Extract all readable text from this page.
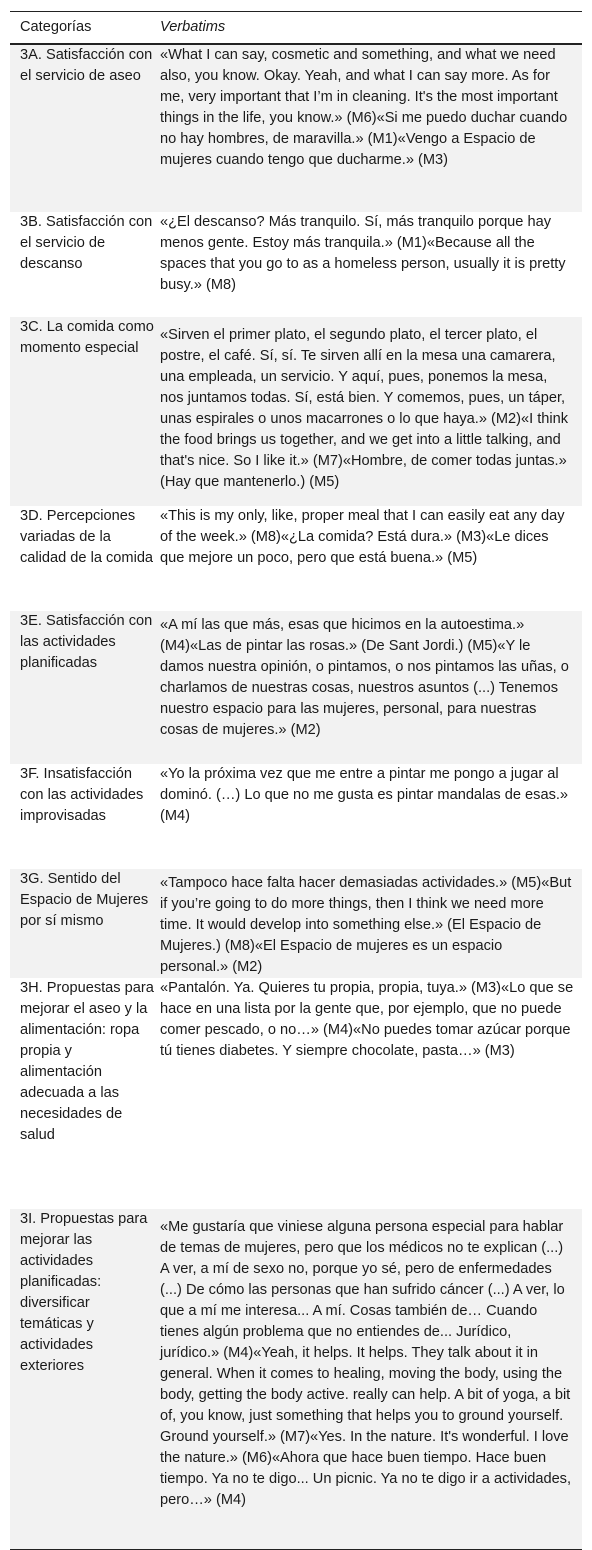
Categorías	Verbatims
3A. Satisfacción con el servicio de aseo	«What I can say, cosmetic and something, and what we need also, you know. Okay. Yeah, and what I can say more. As for me, very important that I’m in cleaning. It's the most important things in the life, you know.» (M6)«Si me puedo duchar cuando no hay hombres, de maravilla.» (M1)«Vengo a Espacio de mujeres cuando tengo que ducharme.» (M3)
3B. Satisfacción con el servicio de descanso	«¿El descanso? Más tranquilo. Sí, más tranquilo porque hay menos gente. Estoy más tranquila.» (M1)«Because all the spaces that you go to as a homeless person, usually it is pretty busy.» (M8)
3C. La comida como momento especial	«Sirven el primer plato, el segundo plato, el tercer plato, el postre, el café. Sí, sí. Te sirven allí en la mesa una camarera, una empleada, un servicio. Y aquí, pues, ponemos la mesa, nos juntamos todas. Sí, está bien. Y comemos, pues, un táper, unas espirales o unos macarrones o lo que haya.» (M2)«I think the food brings us together, and we get into a little talking, and that's nice. So I like it.» (M7)«Hombre, de comer todas juntas.» (Hay que mantenerlo.) (M5)
3D. Percepciones variadas de la calidad de la comida	«This is my only, like, proper meal that I can easily eat any day of the week.» (M8)«¿La comida? Está dura.» (M3)«Le dices que mejore un poco, pero que está buena.» (M5)
3E. Satisfacción con las actividades planificadas	«A mí las que más, esas que hicimos en la autoestima.» (M4)«Las de pintar las rosas.» (De Sant Jordi.) (M5)«Y le damos nuestra opinión, o pintamos, o nos pintamos las uñas, o charlamos de nuestras cosas, nuestros asuntos (...) Tenemos nuestro espacio para las mujeres, personal, para nuestras cosas de mujeres.» (M2)
3F. Insatisfacción con las actividades improvisadas	«Yo la próxima vez que me entre a pintar me pongo a jugar al dominó. (…) Lo que no me gusta es pintar mandalas de esas.» (M4)
3G. Sentido del Espacio de Mujeres por sí mismo	«Tampoco hace falta hacer demasiadas actividades.» (M5)«But if you’re going to do more things, then I think we need more time. It would develop into something else.» (El Espacio de Mujeres.) (M8)«El Espacio de mujeres es un espacio personal.» (M2)
3H. Propuestas para mejorar el aseo y la alimentación: ropa propia y alimentación adecuada a las necesidades de salud	«Pantalón. Ya. Quieres tu propia, propia, tuya.» (M3)«Lo que se hace en una lista por la gente que, por ejemplo, que no puede comer pescado, o no…» (M4)«No puedes tomar azúcar porque tú tienes diabetes. Y siempre chocolate, pasta…» (M3)
3I. Propuestas para mejorar las actividades planificadas: diversificar temáticas y actividades exteriores	«Me gustaría que viniese alguna persona especial para hablar de temas de mujeres, pero que los médicos no te explican (...) A ver, a mí de sexo no, porque yo sé, pero de enfermedades (...) De cómo las personas que han sufrido cáncer (...) A ver, lo que a mí me interesa... A mí. Cosas también de… Cuando tienes algún problema que no entiendes de... Jurídico, jurídico.» (M4)«Yeah, it helps. It helps. They talk about it in general. When it comes to healing, moving the body, using the body, getting the body active. really can help. A bit of yoga, a bit of, you know, just something that helps you to ground yourself. Ground yourself.» (M7)«Yes. In the nature. It's wonderful. I love the nature.» (M6)«Ahora que hace buen tiempo. Hace buen tiempo. Ya no te digo... Un picnic. Ya no te digo ir a actividades, pero…» (M4)
